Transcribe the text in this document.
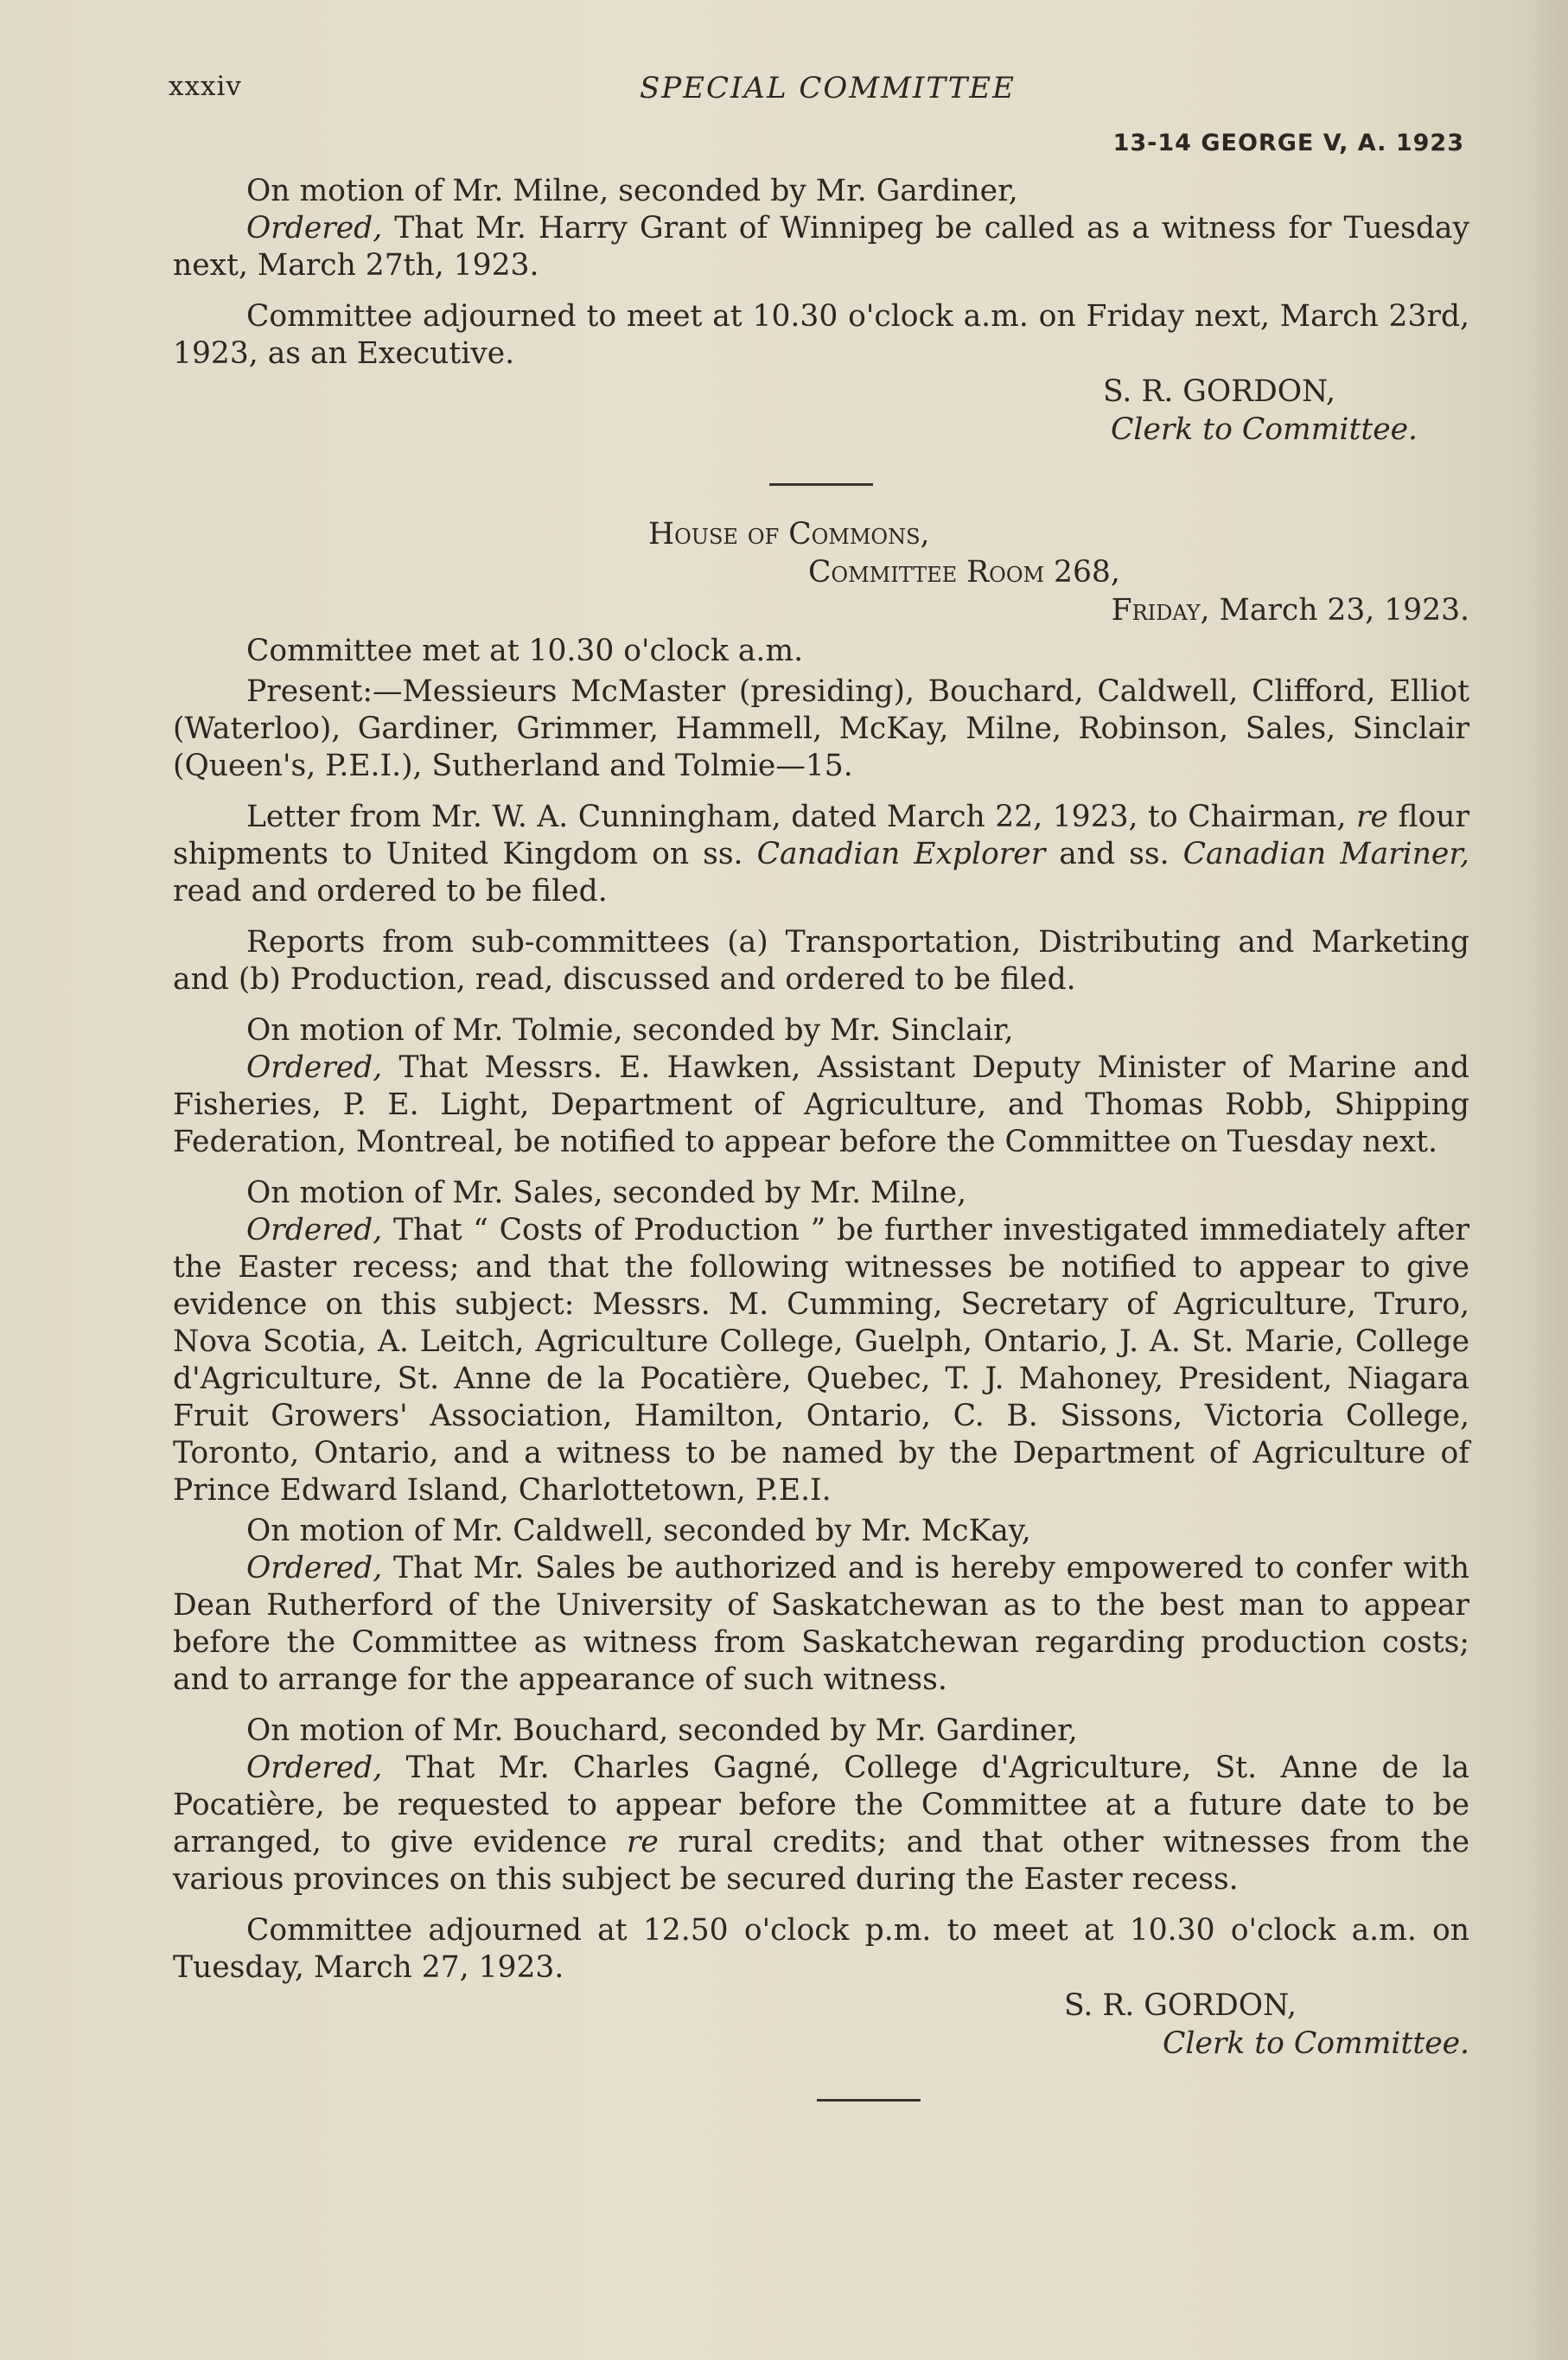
xxxiv	SPECIAL COMMITTEE
13-14 GEORGE V, A. 1923

On motion of Mr. Milne, seconded by Mr. Gardiner,

Ordered, That Mr. Harry Grant of Winnipeg be called as a witness for Tuesday next, March 27th, 1923.

Committee adjourned to meet at 10.30 o'clock a.m. on Friday next, March 23rd, 1923, as an Executive.

S. R. GORDON,
Clerk to Committee.
House of Commons,
Committee Room 268,
Friday, March 23, 1923.

Committee met at 10.30 o'clock a.m.

Present:—Messieurs McMaster (presiding), Bouchard, Caldwell, Clifford, Elliot (Waterloo), Gardiner, Grimmer, Hammell, McKay, Milne, Robinson, Sales, Sinclair (Queen's, P.E.I.), Sutherland and Tolmie—15.

Letter from Mr. W. A. Cunningham, dated March 22, 1923, to Chairman, re flour shipments to United Kingdom on ss. Canadian Explorer and ss. Canadian Mariner, read and ordered to be filed.

Reports from sub-committees (a) Transportation, Distributing and Marketing and (b) Production, read, discussed and ordered to be filed.

On motion of Mr. Tolmie, seconded by Mr. Sinclair,

Ordered, That Messrs. E. Hawken, Assistant Deputy Minister of Marine and Fisheries, P. E. Light, Department of Agriculture, and Thomas Robb, Shipping Federation, Montreal, be notified to appear before the Committee on Tuesday next.

On motion of Mr. Sales, seconded by Mr. Milne,

Ordered, That “ Costs of Production ” be further investigated immediately after the Easter recess; and that the following witnesses be notified to appear to give evidence on this subject: Messrs. M. Cumming, Secretary of Agriculture, Truro, Nova Scotia, A. Leitch, Agriculture College, Guelph, Ontario, J. A. St. Marie, College d'Agriculture, St. Anne de la Pocatière, Quebec, T. J. Mahoney, President, Niagara Fruit Growers' Association, Hamilton, Ontario, C. B. Sissons, Victoria College, Toronto, Ontario, and a witness to be named by the Department of Agriculture of Prince Edward Island, Charlottetown, P.E.I.

On motion of Mr. Caldwell, seconded by Mr. McKay,

Ordered, That Mr. Sales be authorized and is hereby empowered to confer with Dean Rutherford of the University of Saskatchewan as to the best man to appear before the Committee as witness from Saskatchewan regarding production costs; and to arrange for the appearance of such witness.

On motion of Mr. Bouchard, seconded by Mr. Gardiner,

Ordered, That Mr. Charles Gagné, College d'Agriculture, St. Anne de la Pocatière, be requested to appear before the Committee at a future date to be arranged, to give evidence re rural credits; and that other witnesses from the various provinces on this subject be secured during the Easter recess.

Committee adjourned at 12.50 o'clock p.m. to meet at 10.30 o'clock a.m. on Tuesday, March 27, 1923.

S. R. GORDON,
Clerk to Committee.
